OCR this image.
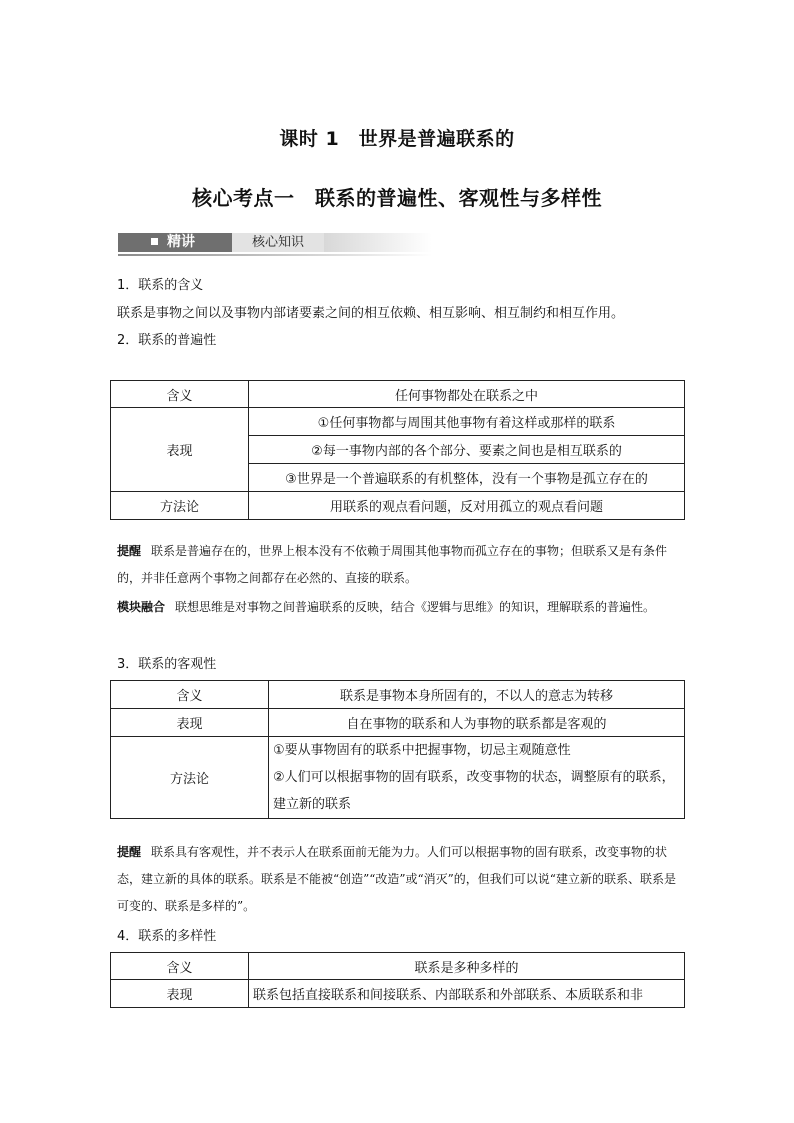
课时 1　世界是普遍联系的
核心考点一　联系的普遍性、客观性与多样性
精讲	核心知识

1．联系的含义

联系是事物之间以及事物内部诸要素之间的相互依赖、相互影响、相互制约和相互作用。

2．联系的普遍性

含义	任何事物都处在联系之中
表现	①任何事物都与周围其他事物有着这样或那样的联系
	②每一事物内部的各个部分、要素之间也是相互联系的
	③世界是一个普遍联系的有机整体，没有一个事物是孤立存在的
方法论	用联系的观点看问题，反对用孤立的观点看问题

提醒 联系是普遍存在的，世界上根本没有不依赖于周围其他事物而孤立存在的事物；但联系又是有条件的，并非任意两个事物之间都存在必然的、直接的联系。

模块融合 联想思维是对事物之间普遍联系的反映，结合《逻辑与思维》的知识，理解联系的普遍性。

3．联系的客观性

含义	联系是事物本身所固有的，不以人的意志为转移
表现	自在事物的联系和人为事物的联系都是客观的
方法论	①要从事物固有的联系中把握事物，切忌主观随意性
②人们可以根据事物的固有联系，改变事物的状态，调整原有的联系，建立新的联系

提醒 联系具有客观性，并不表示人在联系面前无能为力。人们可以根据事物的固有联系，改变事物的状态，建立新的具体的联系。联系是不能被“创造”“改造”或“消灭”的，但我们可以说“建立新的联系、联系是可变的、联系是多样的”。

4．联系的多样性

含义	联系是多种多样的
表现	联系包括直接联系和间接联系、内部联系和外部联系、本质联系和非
